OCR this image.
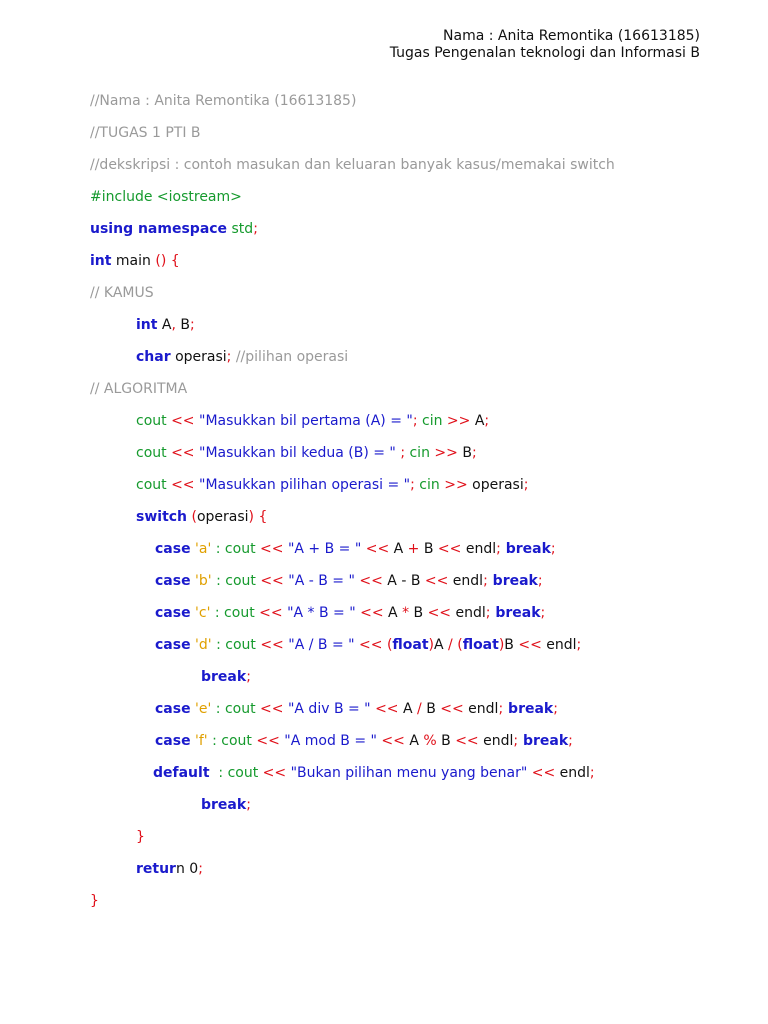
Nama : Anita Remontika (16613185)
Tugas Pengenalan teknologi dan Informasi B
//Nama : Anita Remontika (16613185)
//TUGAS 1 PTI B
//dekskripsi : contoh masukan dan keluaran banyak kasus/memakai switch
#include <iostream>
using namespace std;
int main () {
// KAMUS
int A, B;
char operasi; //pilihan operasi
// ALGORITMA
cout << "Masukkan bil pertama (A) = "; cin >> A;
cout << "Masukkan bil kedua (B) = " ; cin >> B;
cout << "Masukkan pilihan operasi = "; cin >> operasi;
switch (operasi) {
case 'a' : cout << "A + B = " << A + B << endl; break;
case 'b' : cout << "A - B = " << A - B << endl; break;
case 'c' : cout << "A * B = " << A * B << endl; break;
case 'd' : cout << "A / B = " << (float)A / (float)B << endl;
break;
case 'e' : cout << "A div B = " << A / B << endl; break;
case 'f' : cout << "A mod B = " << A % B << endl; break;
default  : cout << "Bukan pilihan menu yang benar" << endl;
break;
}
return 0;
}
